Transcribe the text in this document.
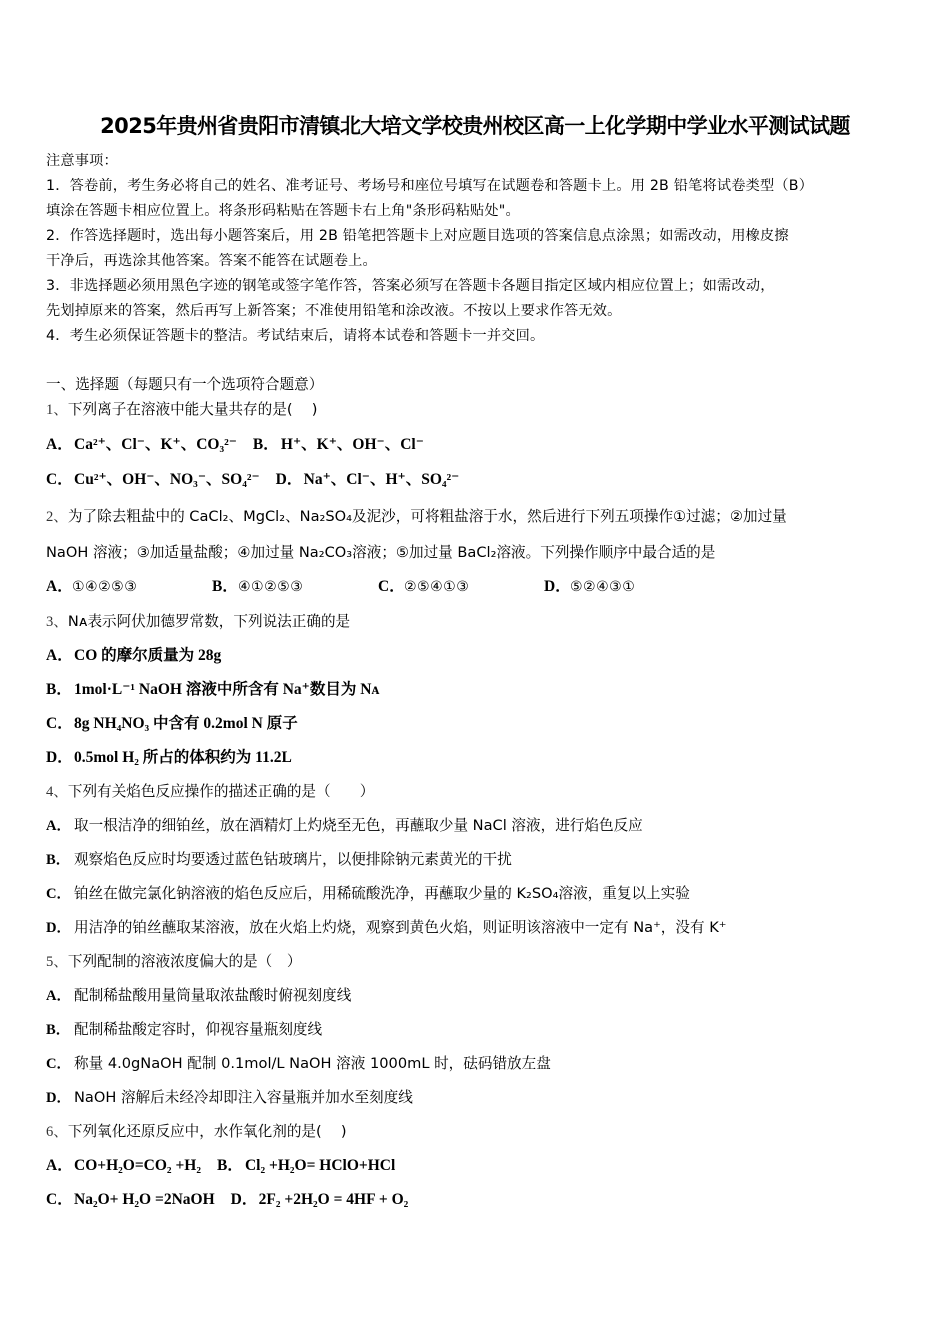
2025年贵州省贵阳市清镇北大培文学校贵州校区高一上化学期中学业水平测试试题
注意事项：
1．答卷前，考生务必将自己的姓名、准考证号、考场号和座位号填写在试题卷和答题卡上。用 2B 铅笔将试卷类型（B）
填涂在答题卡相应位置上。将条形码粘贴在答题卡右上角"条形码粘贴处"。
2．作答选择题时，选出每小题答案后，用 2B 铅笔把答题卡上对应题目选项的答案信息点涂黑；如需改动，用橡皮擦
干净后，再选涂其他答案。答案不能答在试题卷上。
3．非选择题必须用黑色字迹的钢笔或签字笔作答，答案必须写在答题卡各题目指定区域内相应位置上；如需改动，
先划掉原来的答案，然后再写上新答案；不准使用铅笔和涂改液。不按以上要求作答无效。
4．考生必须保证答题卡的整洁。考试结束后，请将本试卷和答题卡一并交回。
一、选择题（每题只有一个选项符合题意）
1、下列离子在溶液中能大量共存的是(　 )
A．Ca²⁺、Cl⁻、K⁺、CO₃²⁻ B． H⁺、K⁺、OH⁻、Cl⁻
C．Cu²⁺、OH⁻、NO₃⁻、SO₄²⁻ D．Na⁺、Cl⁻、H⁺、SO₄²⁻
2、为了除去粗盐中的 CaCl₂、MgCl₂、Na₂SO₄及泥沙，可将粗盐溶于水，然后进行下列五项操作①过滤；②加过量
NaOH 溶液；③加适量盐酸；④加过量 Na₂CO₃溶液；⑤加过量 BaCl₂溶液。下列操作顺序中最合适的是
A．①④②⑤③	B．④①②⑤③	C．②⑤④①③	D．⑤②④③①
3、Nᴀ表示阿伏加德罗常数，下列说法正确的是
A．CO 的摩尔质量为 28g
B． 1mol·L⁻¹ NaOH 溶液中所含有 Na⁺数目为 Nᴀ
C．8g NH₄NO₃ 中含有 0.2mol N 原子
D．0.5mol H₂ 所占的体积约为 11.2L
4、下列有关焰色反应操作的描述正确的是（　　）
A． 取一根洁净的细铂丝，放在酒精灯上灼烧至无色，再蘸取少量 NaCl 溶液，进行焰色反应
B． 观察焰色反应时均要透过蓝色钴玻璃片，以便排除钠元素黄光的干扰
C． 铂丝在做完氯化钠溶液的焰色反应后，用稀硫酸洗净，再蘸取少量的 K₂SO₄溶液，重复以上实验
D． 用洁净的铂丝蘸取某溶液，放在火焰上灼烧，观察到黄色火焰，则证明该溶液中一定有 Na⁺，没有 K⁺
5、下列配制的溶液浓度偏大的是（　）
A． 配制稀盐酸用量筒量取浓盐酸时俯视刻度线
B． 配制稀盐酸定容时，仰视容量瓶刻度线
C． 称量 4.0gNaOH 配制 0.1mol/L NaOH 溶液 1000mL 时，砝码错放左盘
D． NaOH 溶解后未经冷却即注入容量瓶并加水至刻度线
6、下列氧化还原反应中，水作氧化剂的是(　 )
A．CO+H₂O=CO₂ +H₂ B． Cl₂ +H₂O= HClO+HCl
C．Na₂O+ H₂O =2NaOH D．2F₂ +2H₂O = 4HF + O₂
